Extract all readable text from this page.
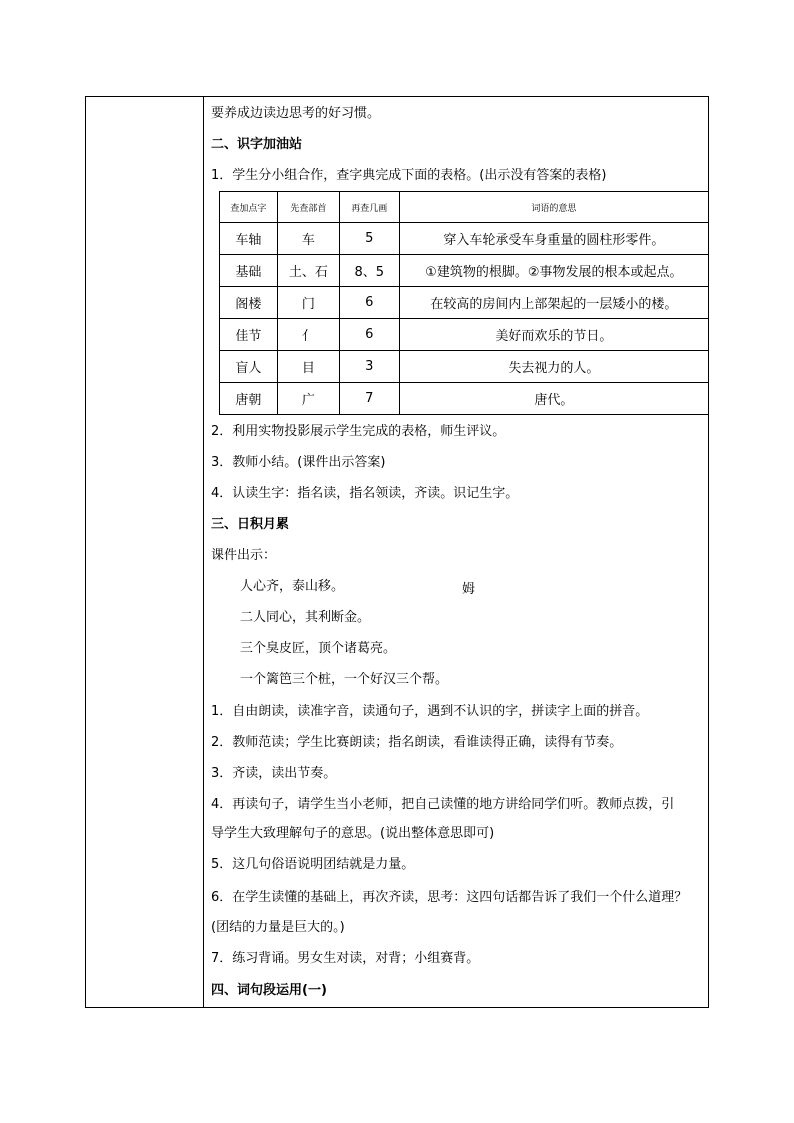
要养成边读边思考的好习惯。
二、识字加油站
1．学生分小组合作，查字典完成下面的表格。(出示没有答案的表格)
查加点字	先查部首	再查几画	词语的意思
车轴	车	5	穿入车轮承受车身重量的圆柱形零件。
基础	土、石	8、5	①建筑物的根脚。②事物发展的根本或起点。
阁楼	门	6	在较高的房间内上部架起的一层矮小的楼。
佳节	亻	6	美好而欢乐的节日。
盲人	目	3	失去视力的人。
唐朝	广	7	唐代。
2．利用实物投影展示学生完成的表格，师生评议。
3．教师小结。(课件出示答案)
4．认读生字：指名读，指名领读，齐读。识记生字。
三、日积月累
课件出示：
人心齐，泰山移。	姆
二人同心，其利断金。
三个臭皮匠，顶个诸葛亮。
一个篱笆三个桩，一个好汉三个帮。
1．自由朗读，读准字音，读通句子，遇到不认识的字，拼读字上面的拼音。
2．教师范读；学生比赛朗读；指名朗读，看谁读得正确，读得有节奏。
3．齐读，读出节奏。
4．再读句子，请学生当小老师，把自己读懂的地方讲给同学们听。教师点拨，引
导学生大致理解句子的意思。(说出整体意思即可)
5．这几句俗语说明团结就是力量。
6．在学生读懂的基础上，再次齐读，思考：这四句话都告诉了我们一个什么道理？
(团结的力量是巨大的。)
7．练习背诵。男女生对读，对背；小组赛背。
四、词句段运用(一)
